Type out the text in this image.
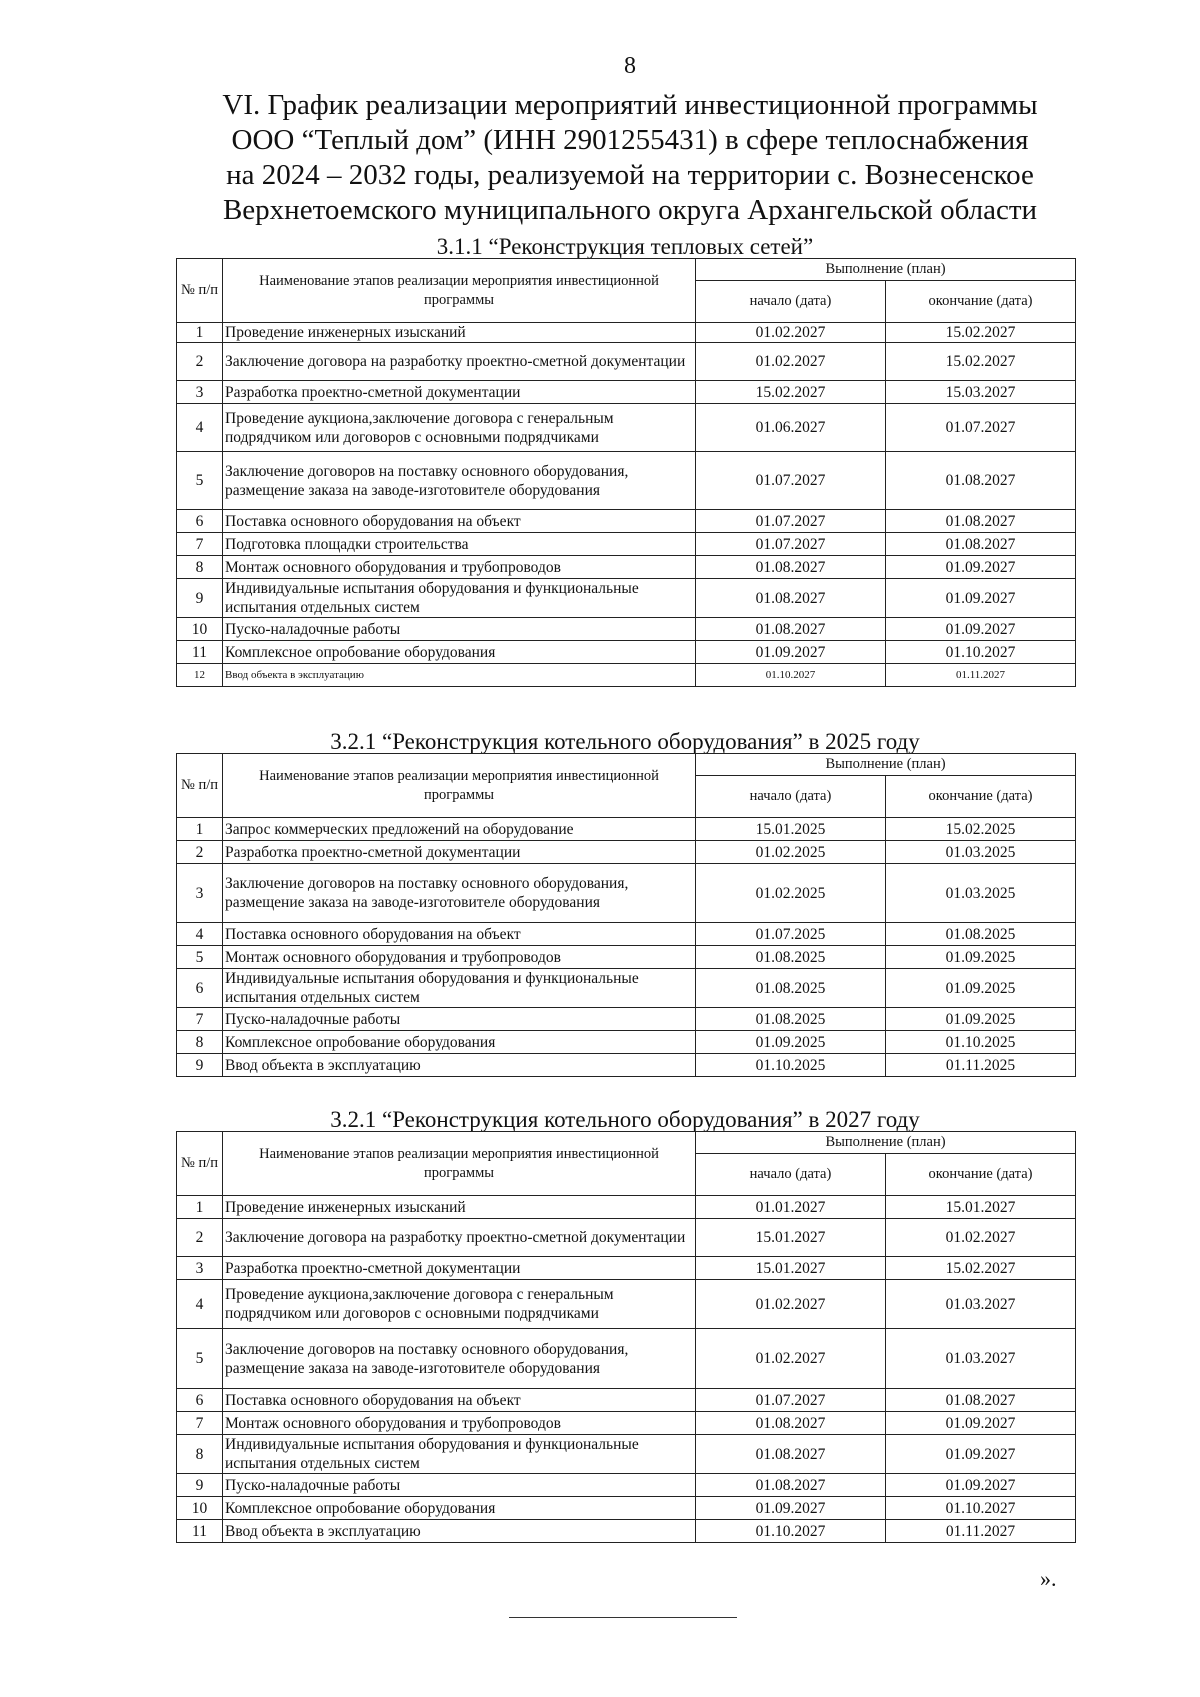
8
VI. График реализации мероприятий инвестиционной программы
ООО “Теплый дом” (ИНН 2901255431) в сфере теплоснабжения
на 2024 – 2032 годы, реализуемой на территории с. Вознесенское
Верхнетоемского муниципального округа Архангельской области
3.1.1 “Реконструкция тепловых сетей”
№ п/п	Наименование этапов реализации мероприятия инвестиционной программы	Выполнение (план)	
		начало (дата)	окончание (дата)
1	Проведение инженерных изысканий	01.02.2027	15.02.2027
2	Заключение договора на разработку проектно-сметной документации	01.02.2027	15.02.2027
3	Разработка проектно-сметной документации	15.02.2027	15.03.2027
4	Проведение аукциона,заключение договора с генеральным подрядчиком или договоров с основными подрядчиками	01.06.2027	01.07.2027
5	Заключение договоров на поставку основного оборудования, размещение заказа на заводе-изготовителе оборудования	01.07.2027	01.08.2027
6	Поставка основного оборудования на объект	01.07.2027	01.08.2027
7	Подготовка площадки строительства	01.07.2027	01.08.2027
8	Монтаж основного оборудования и трубопроводов	01.08.2027	01.09.2027
9	Индивидуальные испытания оборудования и функциональные испытания отдельных систем	01.08.2027	01.09.2027
10	Пуско-наладочные работы	01.08.2027	01.09.2027
11	Комплексное опробование оборудования	01.09.2027	01.10.2027
12	Ввод объекта в эксплуатацию	01.10.2027	01.11.2027
3.2.1 “Реконструкция котельного оборудования” в 2025 году
№ п/п	Наименование этапов реализации мероприятия инвестиционной программы	Выполнение (план)	
		начало (дата)	окончание (дата)
1	Запрос коммерческих предложений на оборудование	15.01.2025	15.02.2025
2	Разработка проектно-сметной документации	01.02.2025	01.03.2025
3	Заключение договоров на поставку основного оборудования, размещение заказа на заводе-изготовителе оборудования	01.02.2025	01.03.2025
4	Поставка основного оборудования на объект	01.07.2025	01.08.2025
5	Монтаж основного оборудования и трубопроводов	01.08.2025	01.09.2025
6	Индивидуальные испытания оборудования и функциональные испытания отдельных систем	01.08.2025	01.09.2025
7	Пуско-наладочные работы	01.08.2025	01.09.2025
8	Комплексное опробование оборудования	01.09.2025	01.10.2025
9	Ввод объекта в эксплуатацию	01.10.2025	01.11.2025
3.2.1 “Реконструкция котельного оборудования” в 2027 году
№ п/п	Наименование этапов реализации мероприятия инвестиционной программы	Выполнение (план)	
		начало (дата)	окончание (дата)
1	Проведение инженерных изысканий	01.01.2027	15.01.2027
2	Заключение договора на разработку проектно-сметной документации	15.01.2027	01.02.2027
3	Разработка проектно-сметной документации	15.01.2027	15.02.2027
4	Проведение аукциона,заключение договора с генеральным подрядчиком или договоров с основными подрядчиками	01.02.2027	01.03.2027
5	Заключение договоров на поставку основного оборудования, размещение заказа на заводе-изготовителе оборудования	01.02.2027	01.03.2027
6	Поставка основного оборудования на объект	01.07.2027	01.08.2027
7	Монтаж основного оборудования и трубопроводов	01.08.2027	01.09.2027
8	Индивидуальные испытания оборудования и функциональные испытания отдельных систем	01.08.2027	01.09.2027
9	Пуско-наладочные работы	01.08.2027	01.09.2027
10	Комплексное опробование оборудования	01.09.2027	01.10.2027
11	Ввод объекта в эксплуатацию	01.10.2027	01.11.2027
».
